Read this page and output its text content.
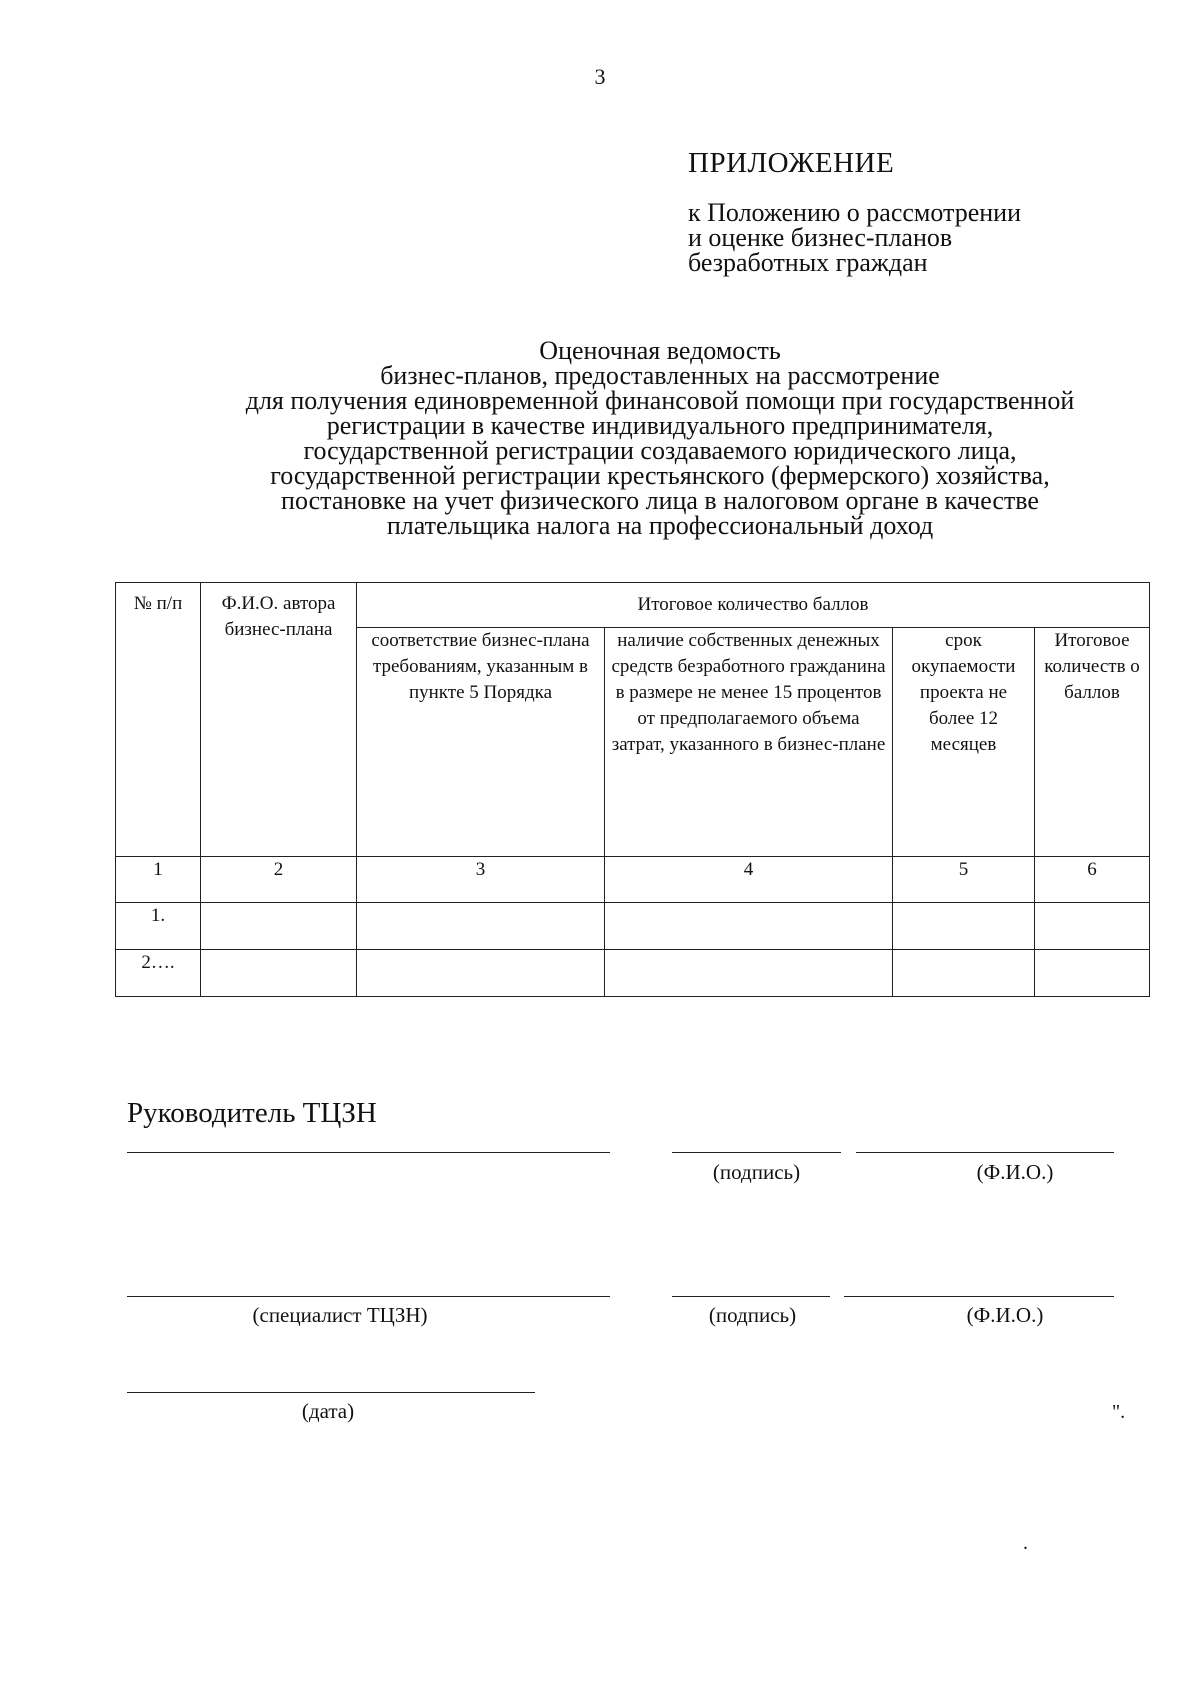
3
ПРИЛОЖЕНИЕ
к Положению о рассмотрении
и оценке бизнес-планов
безработных граждан
Оценочная ведомость
бизнес-планов, предоставленных на рассмотрение
для получения единовременной финансовой помощи при государственной
регистрации в качестве индивидуального предпринимателя,
государственной регистрации создаваемого юридического лица,
государственной регистрации крестьянского (фермерского) хозяйства,
постановке на учет физического лица в налоговом органе в качестве
плательщика налога на профессиональный доход
№ п/п	Ф.И.О. автора бизнес-плана	Итоговое количество баллов			
		соответствие бизнес-плана требованиям, указанным в пункте 5 Порядка	наличие собственных денежных средств безработного гражданина в размере не менее 15 процентов от предполагаемого объема затрат, указанного в бизнес-плане	срок окупаемости проекта не более 12 месяцев	Итоговое количеств о баллов
1	2	3	4	5	6
1.					
2….					
Руководитель ТЦЗН
(подпись)	(Ф.И.О.)
(специалист ТЦЗН)	(подпись)	(Ф.И.О.)
(дата)	".
.
